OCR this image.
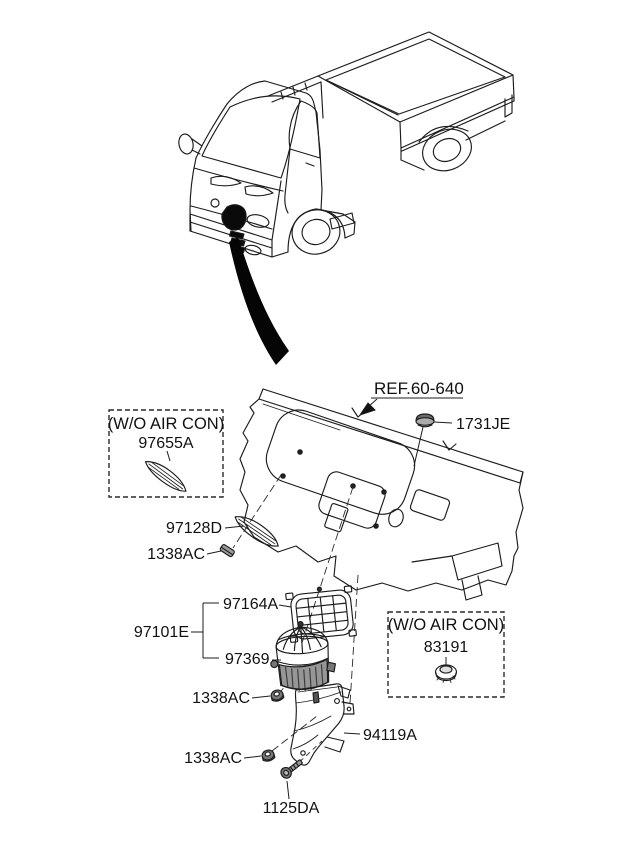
REF.60-640
1731JE
(W/O AIR CON)
97655A
97128D
1338AC
97164A
97101E
97369
1338AC
94119A
1338AC
1125DA
(W/O AIR CON)
83191
